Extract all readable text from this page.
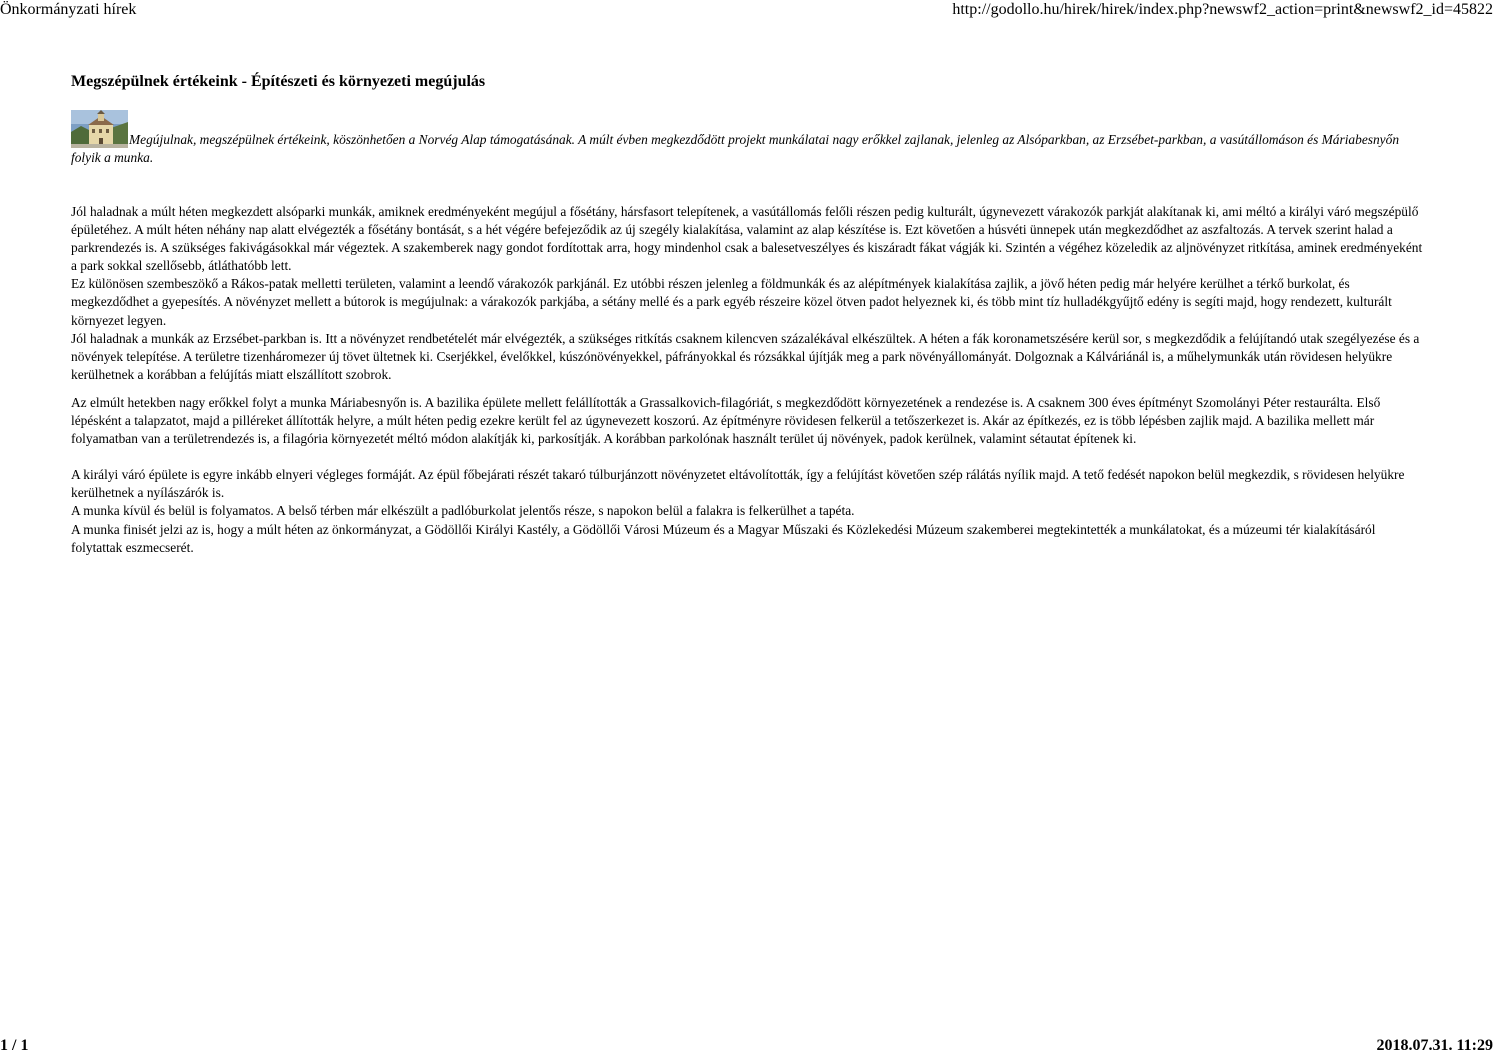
Önkormányzati hírek	http://godollo.hu/hirek/hirek/index.php?newswf2_action=print&newswf2_id=45822
Megszépülnek értékeink - Építészeti és környezeti megújulás
Megújulnak, megszépülnek értékeink, köszönhetően a Norvég Alap támogatásának. A múlt évben megkezdődött projekt munkálatai nagy erőkkel zajlanak, jelenleg az Alsóparkban, az Erzsébet-parkban, a vasútállomáson és Máriabesnyőn folyik a munka.

Jól haladnak a múlt héten megkezdett alsóparki munkák, amiknek eredményeként megújul a fősétány, hársfasort telepítenek, a vasútállomás felőli részen pedig kulturált, úgynevezett várakozók parkját alakítanak ki, ami méltó a királyi váró megszépülő épületéhez. A múlt héten néhány nap alatt elvégezték a fősétány bontását, s a hét végére befejeződik az új szegély kialakítása, valamint az alap készítése is. Ezt követően a húsvéti ünnepek után megkezdődhet az aszfaltozás. A tervek szerint halad a parkrendezés is. A szükséges fakivágásokkal már végeztek. A szakemberek nagy gondot fordítottak arra, hogy mindenhol csak a balesetveszélyes és kiszáradt fákat vágják ki. Szintén a végéhez közeledik az aljnövényzet ritkítása, aminek eredményeként a park sokkal szellősebb, átláthatóbb lett.

Ez különösen szembeszökő a Rákos-patak melletti területen, valamint a leendő várakozók parkjánál. Ez utóbbi részen jelenleg a földmunkák és az alépítmények kialakítása zajlik, a jövő héten pedig már helyére kerülhet a térkő burkolat, és megkezdődhet a gyepesítés. A növényzet mellett a bútorok is megújulnak: a várakozók parkjába, a sétány mellé és a park egyéb részeire közel ötven padot helyeznek ki, és több mint tíz hulladékgyűjtő edény is segíti majd, hogy rendezett, kulturált környezet legyen.

Jól haladnak a munkák az Erzsébet-parkban is. Itt a növényzet rendbetételét már elvégezték, a szükséges ritkítás csaknem kilencven százalékával elkészültek. A héten a fák koronametszésére kerül sor, s megkezdődik a felújítandó utak szegélyezése és a növények telepítése. A területre tizenháromezer új tövet ültetnek ki. Cserjékkel, évelőkkel, kúszónövényekkel, páfrányokkal és rózsákkal újítják meg a park növényállományát. Dolgoznak a Kálváriánál is, a műhelymunkák után rövidesen helyükre kerülhetnek a korábban a felújítás miatt elszállított szobrok.

Az elmúlt hetekben nagy erőkkel folyt a munka Máriabesnyőn is. A bazilika épülete mellett felállították a Grassalkovich-filagóriát, s megkezdődött környezetének a rendezése is. A csaknem 300 éves építményt Szomolányi Péter restaurálta. Első lépésként a talapzatot, majd a pilléreket állították helyre, a múlt héten pedig ezekre került fel az úgynevezett koszorú. Az építményre rövidesen felkerül a tetőszerkezet is. Akár az építkezés, ez is több lépésben zajlik majd. A bazilika mellett már folyamatban van a területrendezés is, a filagória környezetét méltó módon alakítják ki, parkosítják. A korábban parkolónak használt terület új növények, padok kerülnek, valamint sétautat építenek ki.

A királyi váró épülete is egyre inkább elnyeri végleges formáját. Az épül főbejárati részét takaró túlburjánzott növényzetet eltávolították, így a felújítást követően szép rálátás nyílik majd. A tető fedését napokon belül megkezdik, s rövidesen helyükre kerülhetnek a nyílászárók is.

A munka kívül és belül is folyamatos. A belső térben már elkészült a padlóburkolat jelentős része, s napokon belül a falakra is felkerülhet a tapéta.

A munka finisét jelzi az is, hogy a múlt héten az önkormányzat, a Gödöllői Királyi Kastély, a Gödöllői Városi Múzeum és a Magyar Műszaki és Közlekedési Múzeum szakemberei megtekintették a munkálatokat, és a múzeumi tér kialakításáról folytattak eszmecserét.

1 / 1	2018.07.31. 11:29
